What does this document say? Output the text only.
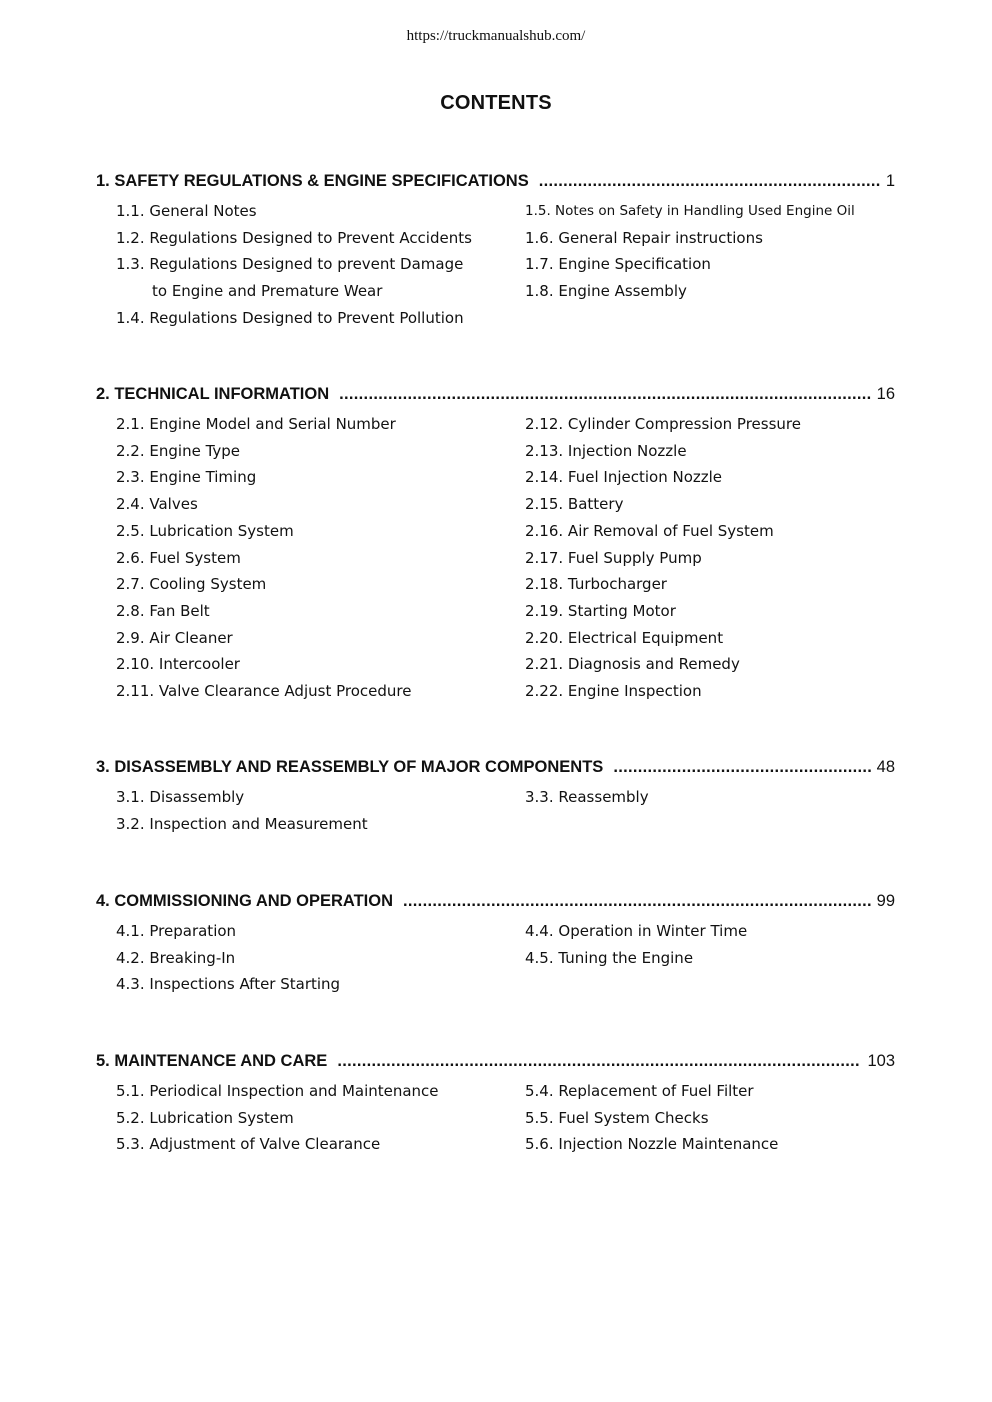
https://truckmanualshub.com/
CONTENTS
1. SAFETY REGULATIONS & ENGINE SPECIFICATIONS .....	1
1.1. General Notes
1.2. Regulations Designed to Prevent Accidents
1.3. Regulations Designed to prevent Damage
to Engine and Premature Wear
1.4. Regulations Designed to Prevent Pollution
1.5. Notes on Safety in Handling Used Engine Oil
1.6. General Repair instructions
1.7. Engine Specification
1.8. Engine Assembly
2. TECHNICAL INFORMATION .....	16
2.1. Engine Model and Serial Number
2.2. Engine Type
2.3. Engine Timing
2.4. Valves
2.5. Lubrication System
2.6. Fuel System
2.7. Cooling System
2.8. Fan Belt
2.9. Air Cleaner
2.10. Intercooler
2.11. Valve Clearance Adjust Procedure
2.12. Cylinder Compression Pressure
2.13. Injection Nozzle
2.14. Fuel Injection Nozzle
2.15. Battery
2.16. Air Removal of Fuel System
2.17. Fuel Supply Pump
2.18. Turbocharger
2.19. Starting Motor
2.20. Electrical Equipment
2.21. Diagnosis and Remedy
2.22. Engine Inspection
3. DISASSEMBLY AND REASSEMBLY OF MAJOR COMPONENTS .....	48
3.1. Disassembly
3.2. Inspection and Measurement
3.3. Reassembly
4. COMMISSIONING AND OPERATION .....	99
4.1. Preparation
4.2. Breaking-In
4.3. Inspections After Starting
4.4. Operation in Winter Time
4.5. Tuning the Engine
5. MAINTENANCE AND CARE .....	103
5.1. Periodical Inspection and Maintenance
5.2. Lubrication System
5.3. Adjustment of Valve Clearance
5.4. Replacement of Fuel Filter
5.5. Fuel System Checks
5.6. Injection Nozzle Maintenance
